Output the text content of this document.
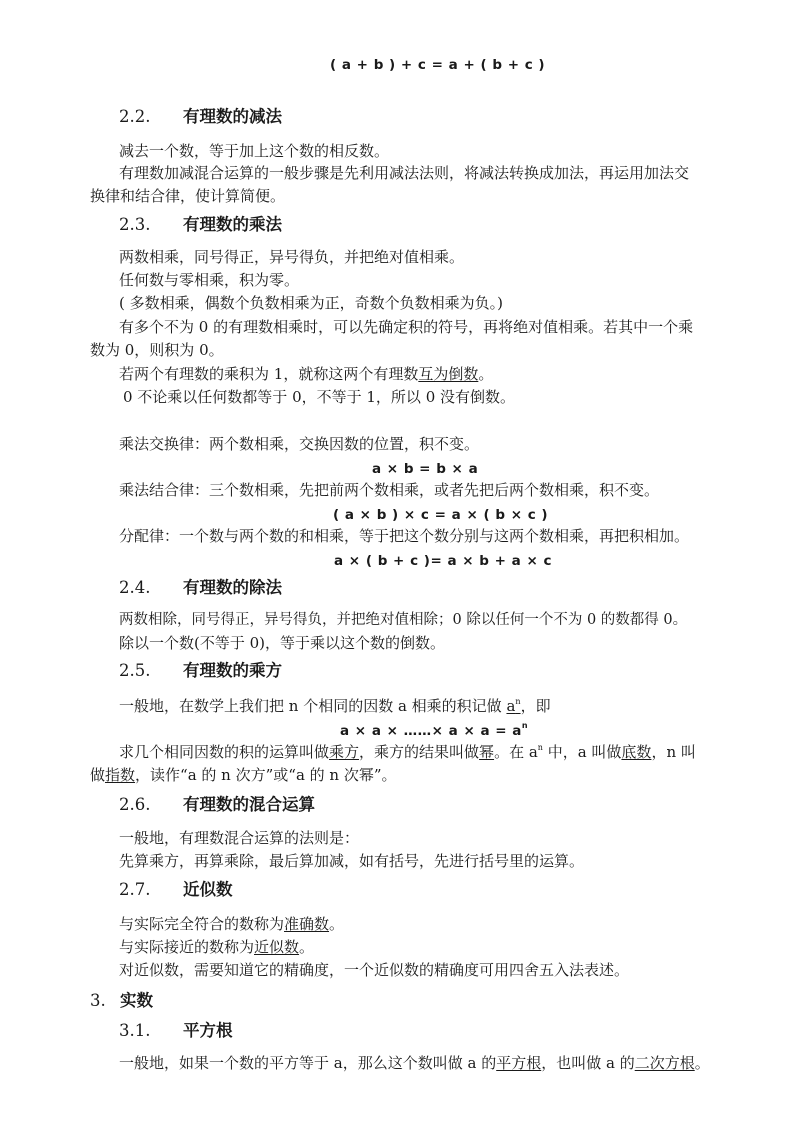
( a + b ) + c = a + ( b + c )
2.2. 有理数的减法
减去一个数，等于加上这个数的相反数。
有理数加减混合运算的一般步骤是先利用减法法则，将减法转换成加法，再运用加法交
换律和结合律，使计算简便。
2.3. 有理数的乘法
两数相乘，同号得正，异号得负，并把绝对值相乘。
任何数与零相乘，积为零。
( 多数相乘，偶数个负数相乘为正，奇数个负数相乘为负。)
有多个不为 0 的有理数相乘时，可以先确定积的符号，再将绝对值相乘。若其中一个乘
数为 0，则积为 0。
若两个有理数的乘积为 1，就称这两个有理数互为倒数。
0 不论乘以任何数都等于 0，不等于 1，所以 0 没有倒数。
乘法交换律：两个数相乘，交换因数的位置，积不变。
a × b = b × a
乘法结合律：三个数相乘，先把前两个数相乘，或者先把后两个数相乘，积不变。
( a × b ) × c = a × ( b × c )
分配律：一个数与两个数的和相乘，等于把这个数分别与这两个数相乘，再把积相加。
a × ( b + c )= a × b + a × c
2.4. 有理数的除法
两数相除，同号得正，异号得负，并把绝对值相除；0 除以任何一个不为 0 的数都得 0。
除以一个数(不等于 0)，等于乘以这个数的倒数。
2.5. 有理数的乘方
一般地，在数学上我们把 n 个相同的因数 a 相乘的积记做 $a^n$，即
a × a × ……× $a \times a = a^n$
求几个相同因数的积的运算叫做乘方，乘方的结果叫做幂。在 $a^n$ 中，a 叫做底数，n 叫
做指数，读作“a 的 n 次方”或“a 的 n 次幂”。
2.6. 有理数的混合运算
一般地，有理数混合运算的法则是：
先算乘方，再算乘除，最后算加减，如有括号，先进行括号里的运算。
2.7. 近似数
与实际完全符合的数称为准确数。
与实际接近的数称为近似数。
对近似数，需要知道它的精确度，一个近似数的精确度可用四舍五入法表述。
3. 实数
3.1. 平方根
一般地，如果一个数的平方等于 a，那么这个数叫做 a 的平方根，也叫做 a 的二次方根。
